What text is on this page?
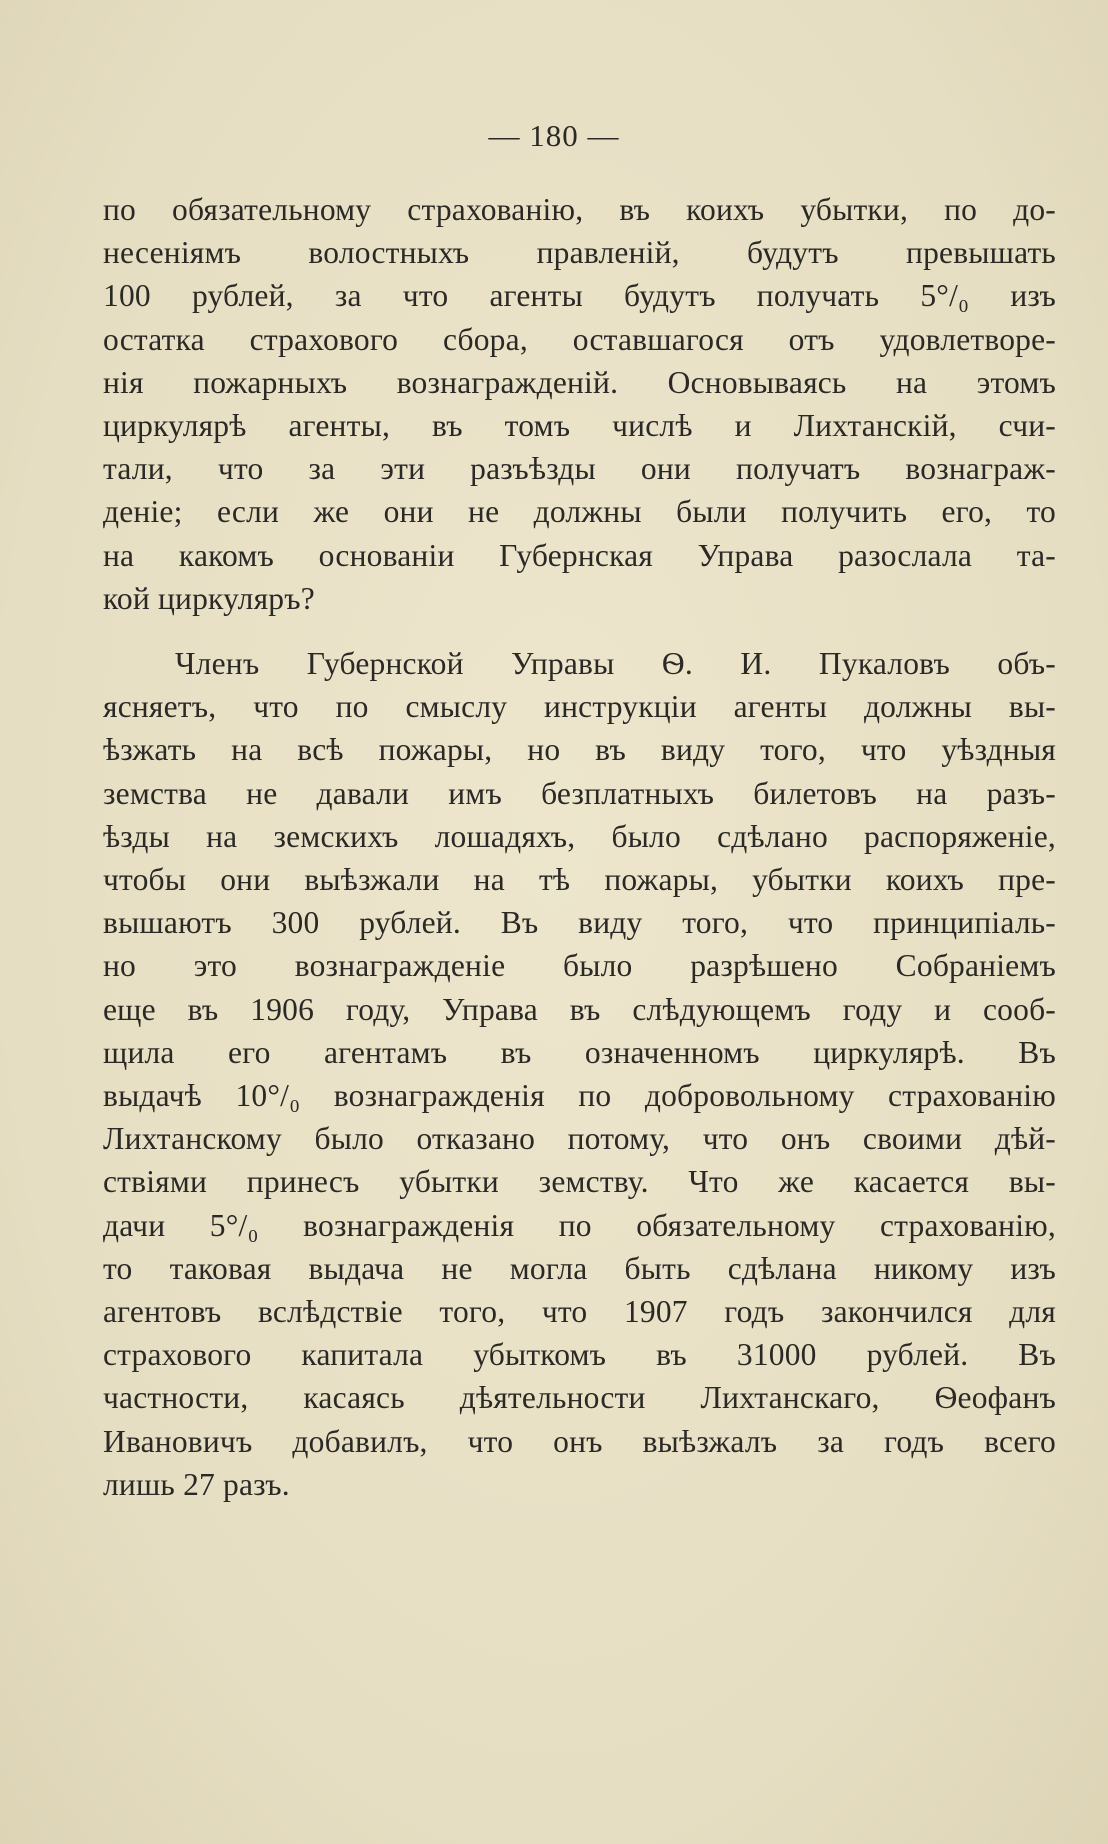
— 180 —
по обязательному страхованію, въ коихъ убытки, по до-
несеніямъ волостныхъ правленій, будутъ превышать
100 рублей, за что агенты будутъ получать 5°/₀ изъ
остатка страхового сбора, оставшагося отъ удовлетворе-
нія пожарныхъ вознагражденій. Основываясь на этомъ
циркулярѣ агенты, въ томъ числѣ и Лихтанскій, счи-
тали, что за эти разъѣзды они получатъ вознаграж-
деніе; если же они не должны были получить его, то
на какомъ основаніи Губернская Управа разослала та-
кой циркуляръ?
Членъ Губернской Управы Ѳ. И. Пукаловъ объ-
ясняетъ, что по смыслу инструкціи агенты должны вы-
ѣзжать на всѣ пожары, но въ виду того, что уѣздныя
земства не давали имъ безплатныхъ билетовъ на разъ-
ѣзды на земскихъ лошадяхъ, было сдѣлано распоряженіе,
чтобы они выѣзжали на тѣ пожары, убытки коихъ пре-
вышаютъ 300 рублей. Въ виду того, что принципіаль-
но это вознагражденіе было разрѣшено Собраніемъ
еще въ 1906 году, Управа въ слѣдующемъ году и сооб-
щила его агентамъ въ означенномъ циркулярѣ. Въ
выдачѣ 10°/₀ вознагражденія по добровольному страхованію
Лихтанскому было отказано потому, что онъ своими дѣй-
ствіями принесъ убытки земству. Что же касается вы-
дачи 5°/₀ вознагражденія по обязательному страхованію,
то таковая выдача не могла быть сдѣлана никому изъ
агентовъ вслѣдствіе того, что 1907 годъ закончился для
страхового капитала убыткомъ въ 31000 рублей. Въ
частности, касаясь дѣятельности Лихтанскаго, Ѳеофанъ
Ивановичъ добавилъ, что онъ выѣзжалъ за годъ всего
лишь 27 разъ.
